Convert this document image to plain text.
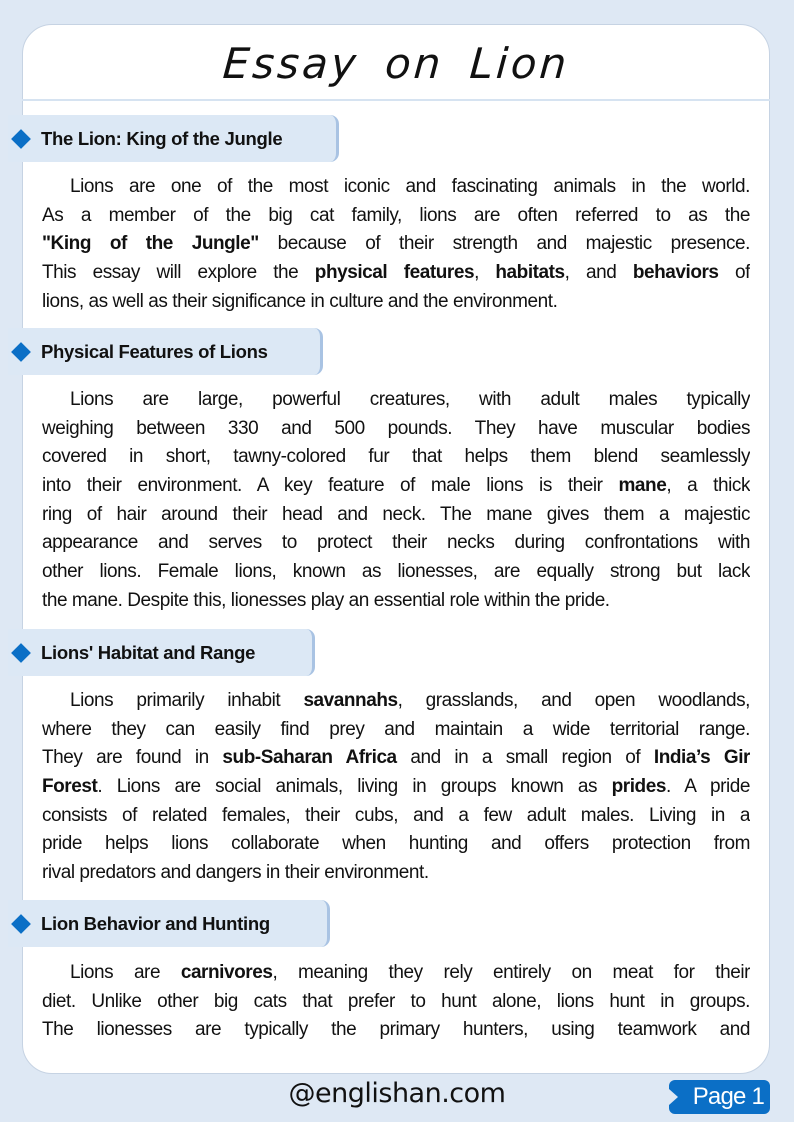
Essay on Lion
The Lion: King of the Jungle
Lions are one of the most iconic and fascinating animals in the world.
As a member of the big cat family, lions are often referred to as the
"King of the Jungle" because of their strength and majestic presence.
This essay will explore the physical features, habitats, and behaviors of
lions, as well as their significance in culture and the environment.
Physical Features of Lions
Lions are large, powerful creatures, with adult males typically
weighing between 330 and 500 pounds. They have muscular bodies
covered in short, tawny-colored fur that helps them blend seamlessly
into their environment. A key feature of male lions is their mane, a thick
ring of hair around their head and neck. The mane gives them a majestic
appearance and serves to protect their necks during confrontations with
other lions. Female lions, known as lionesses, are equally strong but lack
the mane. Despite this, lionesses play an essential role within the pride.
Lions' Habitat and Range
Lions primarily inhabit savannahs, grasslands, and open woodlands,
where they can easily find prey and maintain a wide territorial range.
They are found in sub-Saharan Africa and in a small region of India’s Gir
Forest. Lions are social animals, living in groups known as prides. A pride
consists of related females, their cubs, and a few adult males. Living in a
pride helps lions collaborate when hunting and offers protection from
rival predators and dangers in their environment.
Lion Behavior and Hunting
Lions are carnivores, meaning they rely entirely on meat for their
diet. Unlike other big cats that prefer to hunt alone, lions hunt in groups.
The lionesses are typically the primary hunters, using teamwork and
@englishan.com	Page 1
